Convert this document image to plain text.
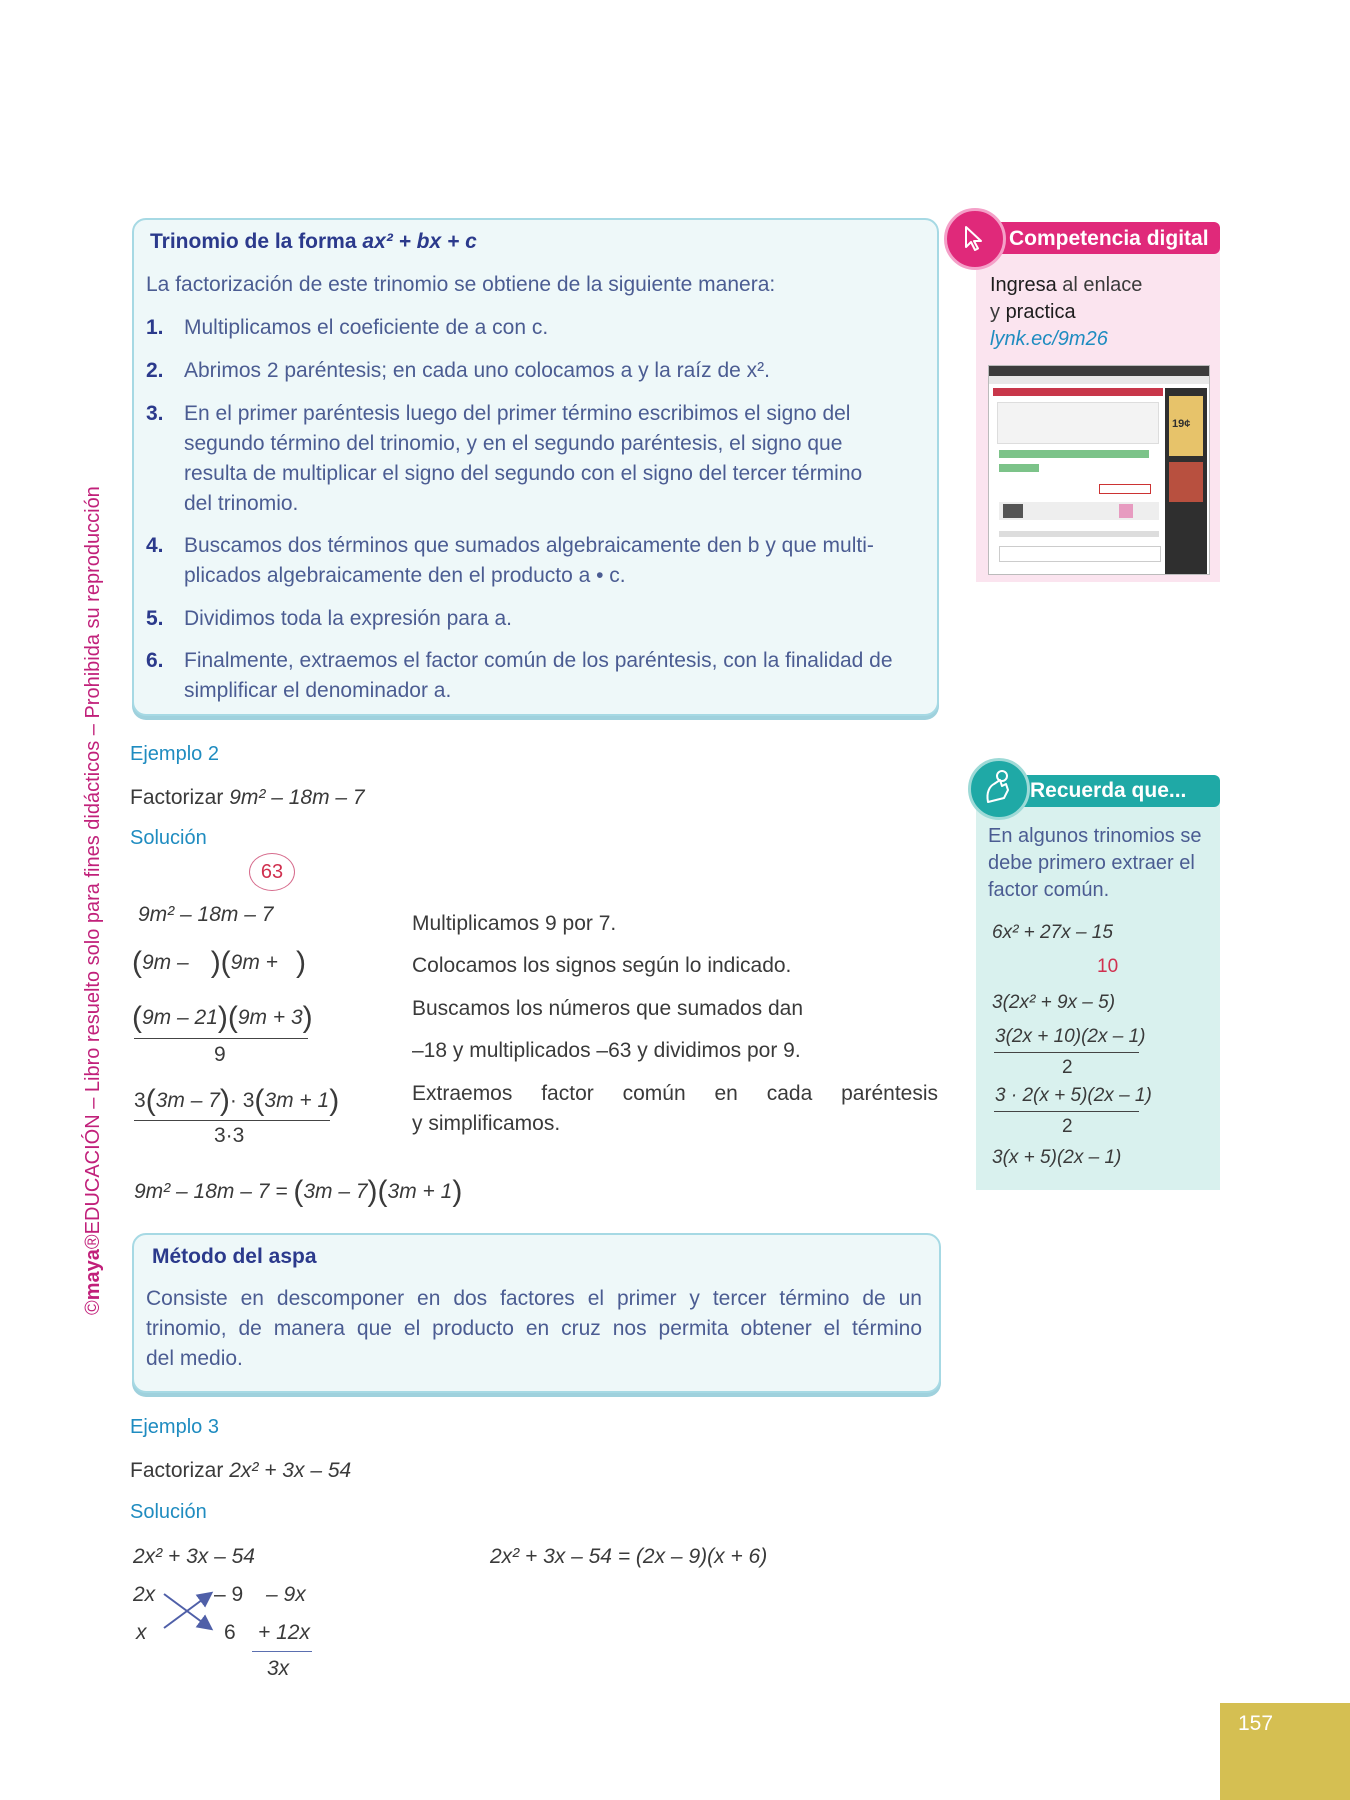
©maya®EDUCACIÓN – Libro resuelto solo para fines didácticos – Prohibida su reproducción
Trinomio de la forma ax² + bx + c
La factorización de este trinomio se obtiene de la siguiente manera:
1. Multiplicamos el coeficiente de a con c.
2. Abrimos 2 paréntesis; en cada uno colocamos a y la raíz de x².
3. En el primer paréntesis luego del primer término escribimos el signo del
segundo término del trinomio, y en el segundo paréntesis, el signo que
resulta de multiplicar el signo del segundo con el signo del tercer término
del trinomio.
4. Buscamos dos términos que sumados algebraicamente den b y que multi-
plicados algebraicamente den el producto a • c.
5. Dividimos toda la expresión para a.
6. Finalmente, extraemos el factor común de los paréntesis, con la finalidad de
simplificar el denominador a.
Ejemplo 2
Factorizar 9m² – 18m – 7
Solución
63
9m² – 18m – 7
(9m – )(9m + )
(9m – 21)(9m + 3)
9
3(3m – 7)· 3(3m + 1)
3·3
9m² – 18m – 7 = (3m – 7)(3m + 1)
Multiplicamos 9 por 7.
Colocamos los signos según lo indicado.
Buscamos los números que sumados dan
–18 y multiplicados –63 y dividimos por 9.
Extraemos factor común en cada paréntesis
y simplificamos.
Método del aspa
Consiste en descomponer en dos factores el primer y tercer término de un
trinomio, de manera que el producto en cruz nos permita obtener el término
del medio.
Ejemplo 3
Factorizar 2x² + 3x – 54
Solución
2x² + 3x – 54
2x	– 9 – 9x
x	6 + 12x
3x
2x² + 3x – 54 = (2x – 9)(x + 6)
Competencia digital
Ingresa al enlace
y practica
lynk.ec/9m26
19¢
Recuerda que...
En algunos trinomios se
debe primero extraer el
factor común.
6x² + 27x – 15
10
3(2x² + 9x – 5)
3(2x + 10)(2x – 1)
2
3 · 2(x + 5)(2x – 1)
2
3(x + 5)(2x – 1)
157
